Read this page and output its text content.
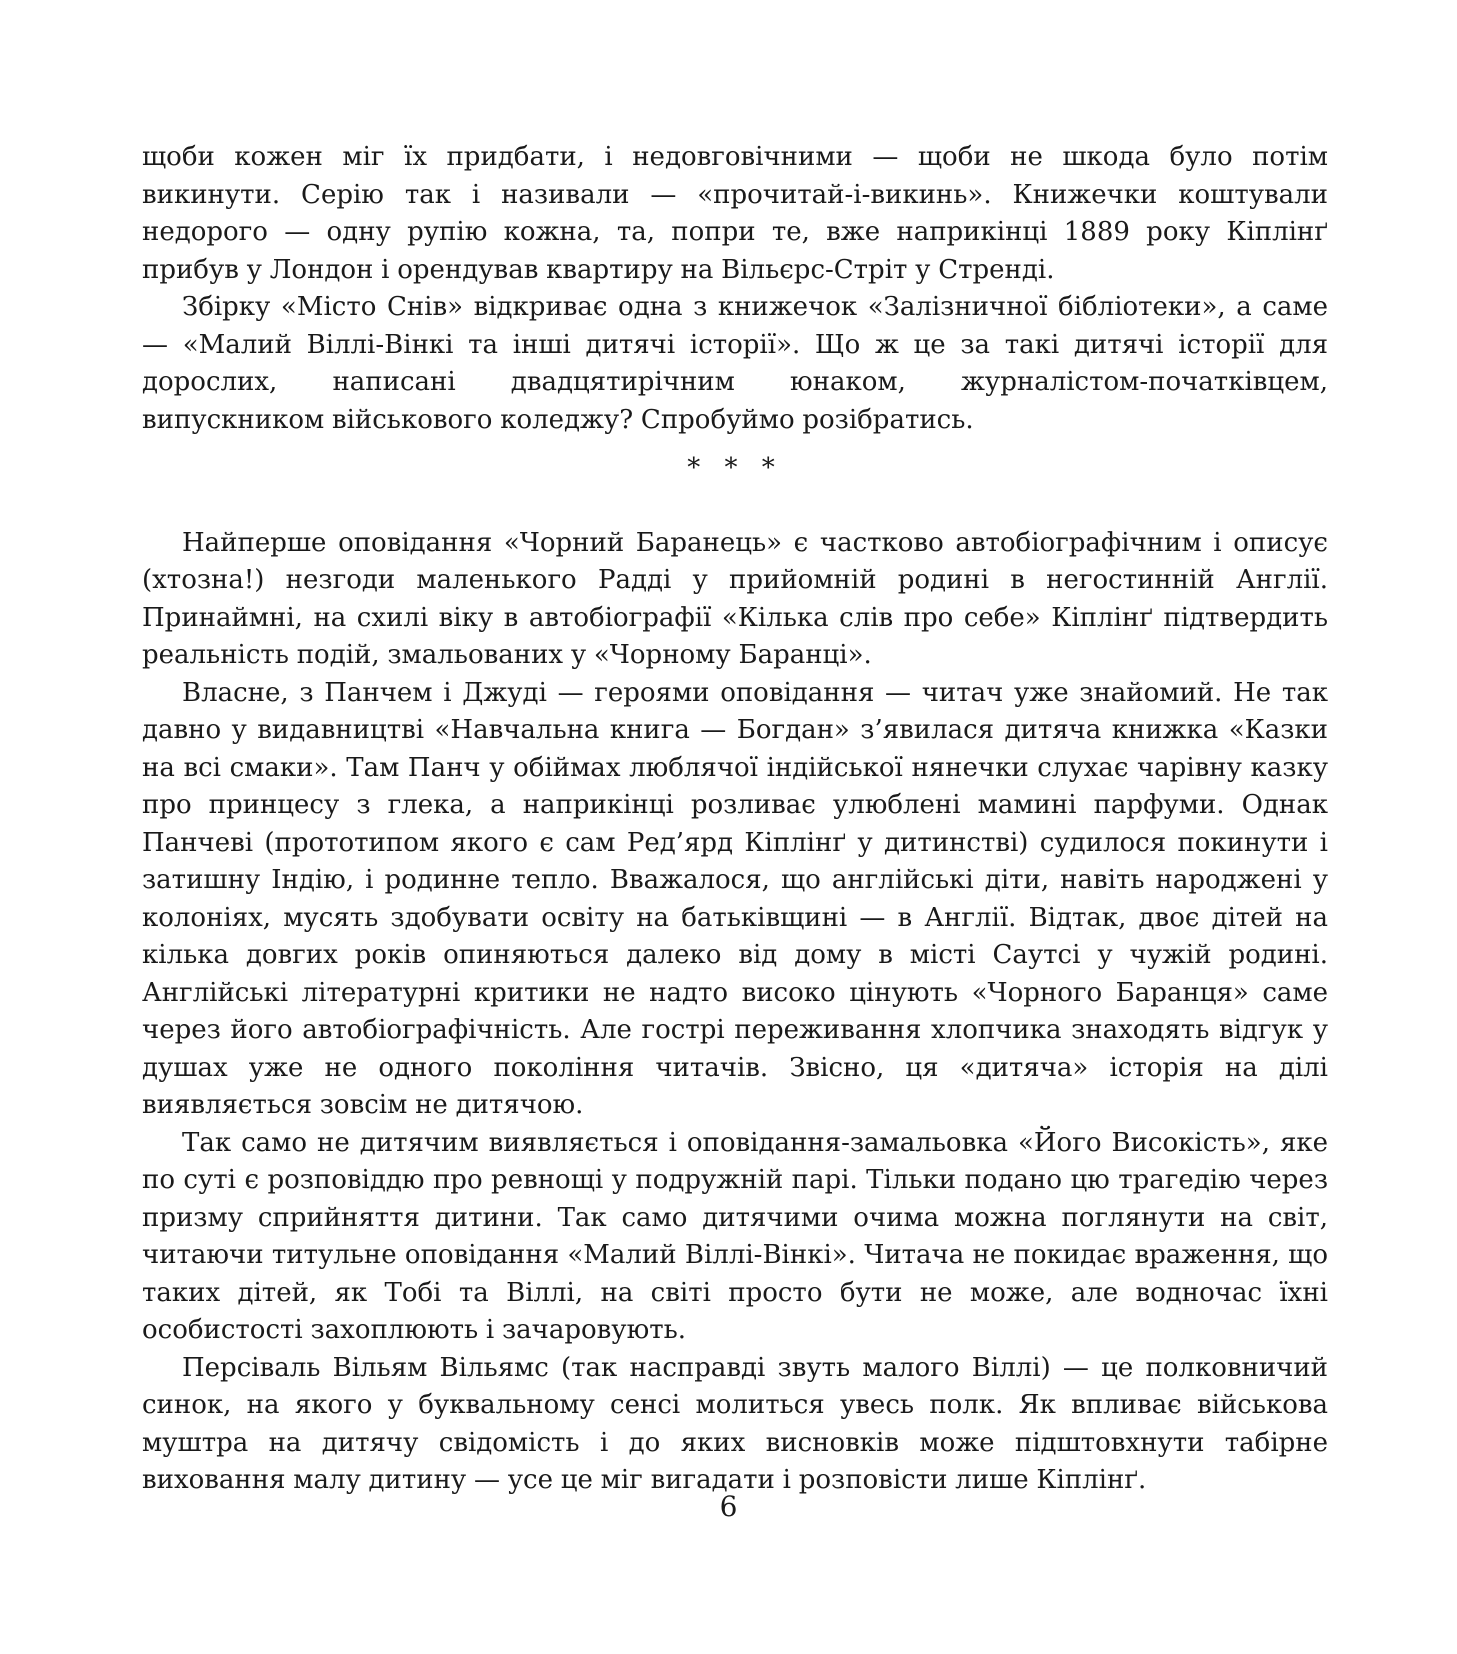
щоби кожен міг їх придбати, і недовговічними — щоби не шкода було потім викинути. Серію так і називали — «прочитай-і-викинь». Книжечки коштували недорого — одну рупію кожна, та, попри те, вже наприкінці 1889 року Кіплінґ прибув у Лондон і орендував квартиру на Вільєрс-Стріт у Стренді.

Збірку «Місто Снів» відкриває одна з книжечок «Залізничної бібліотеки», а саме — «Малий Віллі-Вінкі та інші дитячі історії». Що ж це за такі дитячі історії для дорослих, написані двадцятирічним юнаком, журналістом-початківцем, випускником військового коледжу? Спробуймо розібратись.

* * *

Найперше оповідання «Чорний Баранець» є частково автобіографічним і описує (хтозна!) незгоди маленького Радді у прийомній родині в негостинній Англії. Принаймні, на схилі віку в автобіографії «Кілька слів про себе» Кіплінґ підтвердить реальність подій, змальованих у «Чорному Баранці».

Власне, з Панчем і Джуді — героями оповідання — читач уже знайомий. Не так давно у видавництві «Навчальна книга — Богдан» з’явилася дитяча книжка «Казки на всі смаки». Там Панч у обіймах люблячої індійської нянечки слухає чарівну казку про принцесу з глека, а наприкінці розливає улюблені мамині парфуми. Однак Панчеві (прототипом якого є сам Ред’ярд Кіплінґ у дитинстві) судилося покинути і затишну Індію, і родинне тепло. Вважалося, що англійські діти, навіть народжені у колоніях, мусять здобувати освіту на батьківщині — в Англії. Відтак, двоє дітей на кілька довгих років опиняються далеко від дому в місті Саутсі у чужій родині. Англійські літературні критики не надто високо цінують «Чорного Баранця» саме через його автобіографічність. Але гострі переживання хлопчика знаходять відгук у душах уже не одного покоління читачів. Звісно, ця «дитяча» історія на ділі виявляється зовсім не дитячою.

Так само не дитячим виявляється і оповідання-замальовка «Його Високість», яке по суті є розповіддю про ревнощі у подружній парі. Тільки подано цю трагедію через призму сприйняття дитини. Так само дитячими очима можна поглянути на світ, читаючи титульне оповідання «Малий Віллі-Вінкі». Читача не покидає враження, що таких дітей, як Тобі та Віллі, на світі просто бути не може, але водночас їхні особистості захоплюють і зачаровують.

Персіваль Вільям Вільямс (так насправді звуть малого Віллі) — це полковничий синок, на якого у буквальному сенсі молиться увесь полк. Як впливає військова муштра на дитячу свідомість і до яких висновків може підштовхнути табірне виховання малу дитину — усе це міг вигадати і розповісти лише Кіплінґ.

6
